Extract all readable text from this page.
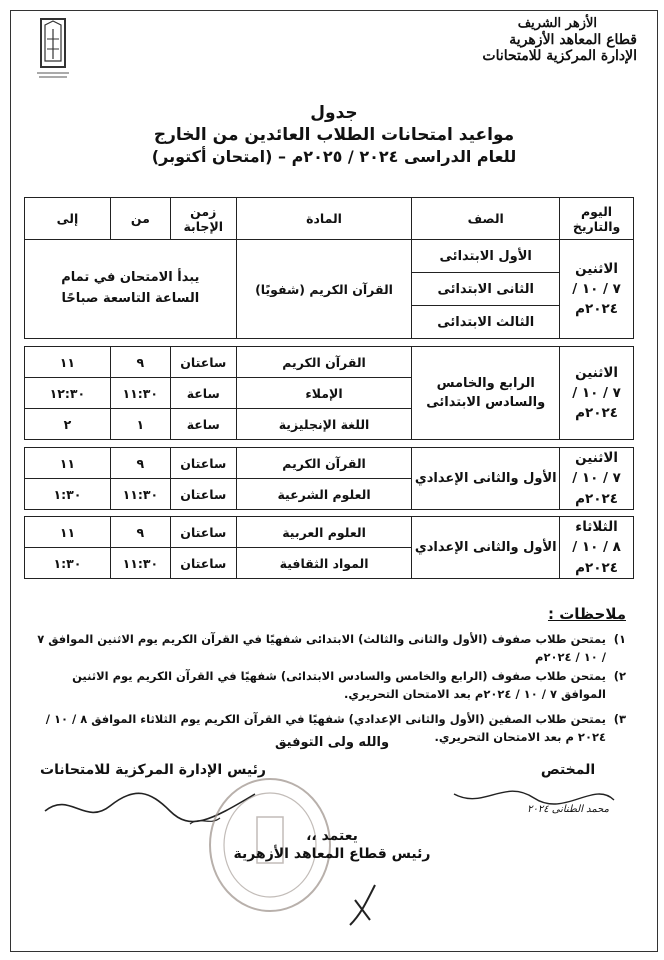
الأزهر الشريف
قطاع المعاهد الأزهرية
الإدارة المركزية للامتحانات
جدول
مواعيد امتحانات الطلاب العائدين من الخارج
للعام الدراسى ٢٠٢٤ / ٢٠٢٥م – (امتحان أكتوبر)
اليوم والتاريخ	الصف	المادة	زمن الإجابة	من	إلى
الاثنين
٧ / ١٠ / ٢٠٢٤م
	الأول الابتدائى	القرآن الكريم (شفويًا)	يبدأ الامتحان في تمام الساعة التاسعة صباحًا
الثانى الابتدائى
الثالث الابتدائى
الاثنين
٧ / ١٠ / ٢٠٢٤م	الرابع والخامس والسادس الابتدائى	القرآن الكريم	ساعتان	٩	١١
		الإملاء	ساعة	١١:٣٠	١٢:٣٠
		اللغة الإنجليزية	ساعة	١	٢
الاثنين
٧ / ١٠ / ٢٠٢٤م	الأول والثانى الإعدادي	القرآن الكريم	ساعتان	٩	١١
		العلوم الشرعية	ساعتان	١١:٣٠	١:٣٠
الثلاثاء
٨ / ١٠ / ٢٠٢٤م	الأول والثانى الإعدادي	العلوم العربية	ساعتان	٩	١١
		المواد الثقافية	ساعتان	١١:٣٠	١:٣٠
ملاحظات :
١)
يمتحن طلاب صفوف (الأول والثانى والثالث) الابتدائى شفهيًا في القرآن الكريم يوم الاثنين الموافق ٧ / ١٠ / ٢٠٢٤م
٢)
يمتحن طلاب صفوف (الرابع والخامس والسادس الابتدائى) شفهيًا في القرآن الكريم يوم الاثنين الموافق ٧ / ١٠ / ٢٠٢٤م بعد الامتحان التحريري.
٣)
يمتحن طلاب الصفين (الأول والثانى الإعدادي) شفهيًا في القرآن الكريم يوم الثلاثاء الموافق ٨ / ١٠ / ٢٠٢٤ م بعد الامتحان التحريري.
والله ولى التوفيق
المختص
محمد الطنانى ٢٠٢٤
رئيس الإدارة المركزية للامتحانات
يعتمد ،،
رئيس قطاع المعاهد الأزهرية
